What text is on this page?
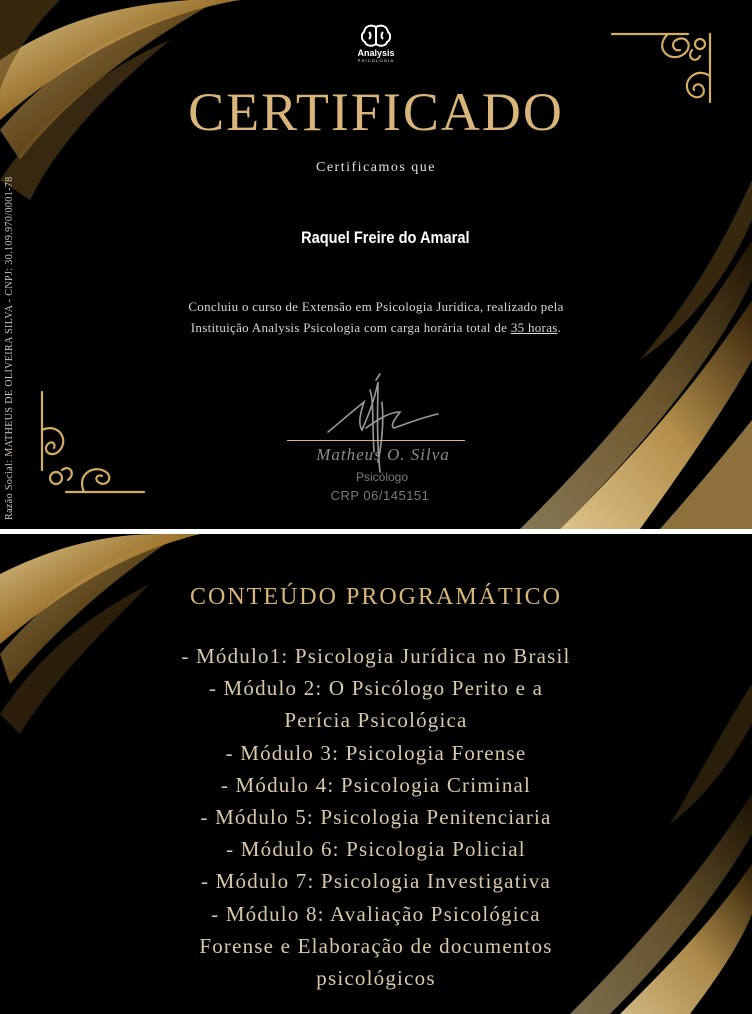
Analysis
PSICOLOGIA
CERTIFICADO
Certificamos que
Raquel Freire do Amaral
Concluiu o curso de Extensão em Psicologia Jurídica, realizado pela
Instituição Analysis Psicologia com carga horária total de 35 horas.
Razão Social: MATHEUS DE OLIVEIRA SILVA - CNPJ: 30.109.970/0001-78	Matheus O. Silva
Psicólogo
CRP 06/145151
CONTEÚDO PROGRAMÁTICO
- Módulo1: Psicologia Jurídica no Brasil
- Módulo 2: O Psicólogo Perito e a
Perícia Psicológica
- Módulo 3: Psicologia Forense
- Módulo 4: Psicologia Criminal
- Módulo 5: Psicologia Penitenciaria
- Módulo 6: Psicologia Policial
- Módulo 7: Psicologia Investigativa
- Módulo 8: Avaliação Psicológica
Forense e Elaboração de documentos
psicológicos
